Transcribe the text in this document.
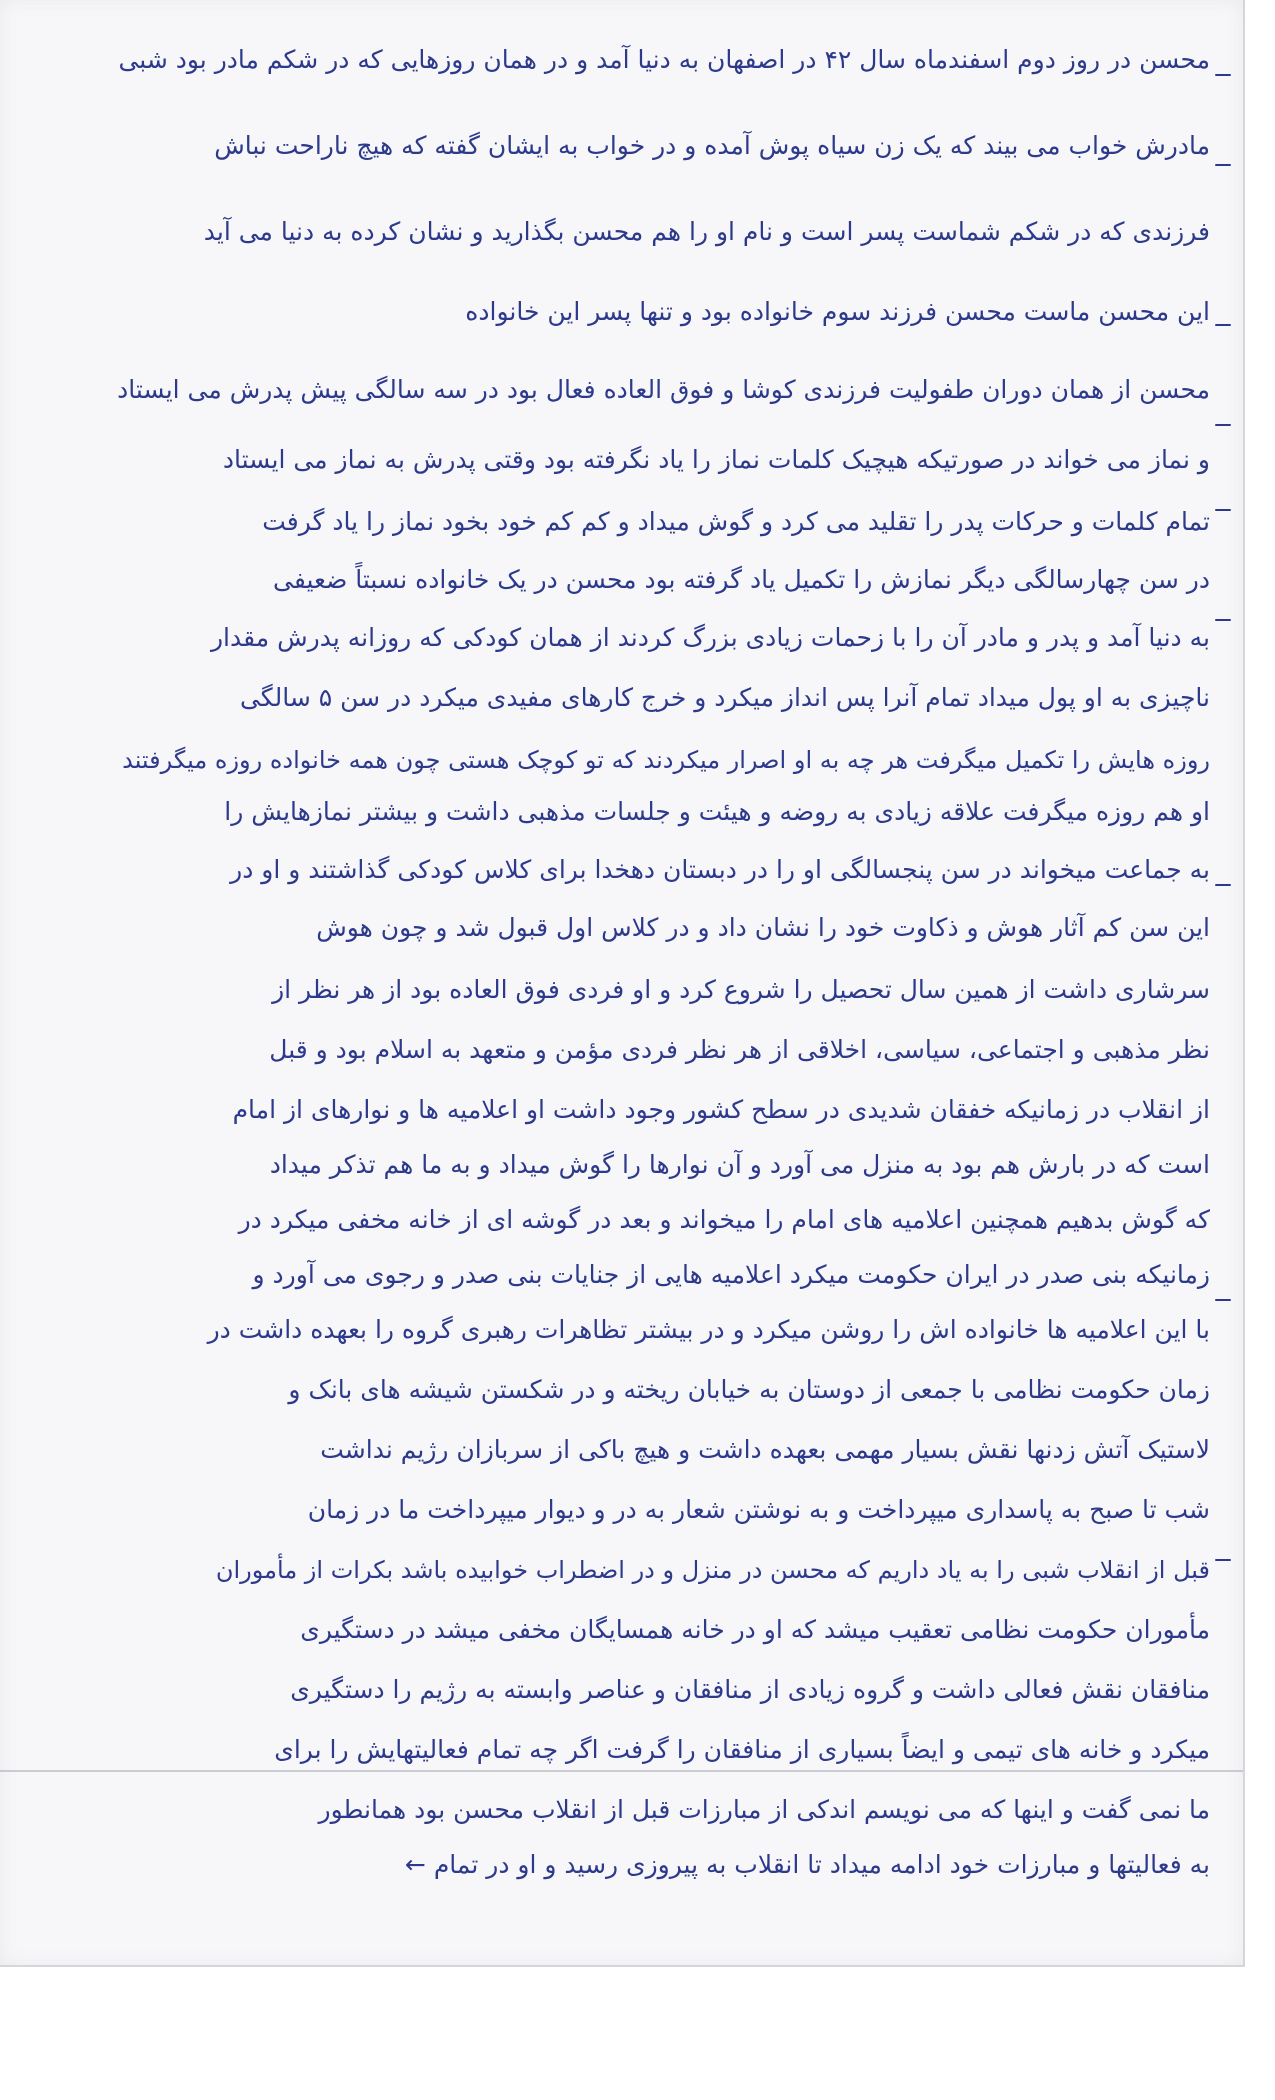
محسن در روز دوم اسفندماه سال ۴۲ در اصفهان به دنیا آمد و در همان روزهایی که در شکم مادر بود شبی
مادرش خواب می بیند که یک زن سیاه پوش آمده و در خواب به ایشان گفته که هیچ ناراحت نباش
فرزندی که در شکم شماست پسر است و نام او را هم محسن بگذارید و نشان کرده به دنیا می آید
این محسن ماست محسن فرزند سوم خانواده بود و تنها پسر این خانواده
محسن از همان دوران طفولیت فرزندی کوشا و فوق العاده فعال بود در سه سالگی پیش پدرش می ایستاد
و نماز می خواند در صورتیکه هیچیک کلمات نماز را یاد نگرفته بود وقتی پدرش به نماز می ایستاد
تمام کلمات و حرکات پدر را تقلید می کرد و گوش میداد و کم کم خود بخود نماز را یاد گرفت
در سن چهارسالگی دیگر نمازش را تکمیل یاد گرفته بود محسن در یک خانواده نسبتاً ضعیفی
به دنیا آمد و پدر و مادر آن را با زحمات زیادی بزرگ کردند از همان کودکی که روزانه پدرش مقدار
ناچیزی به او پول میداد تمام آنرا پس انداز میکرد و خرج کارهای مفیدی میکرد در سن ۵ سالگی
روزه هایش را تکمیل میگرفت هر چه به او اصرار میکردند که تو کوچک هستی چون همه خانواده روزه میگرفتند
او هم روزه میگرفت علاقه زیادی به روضه و هیئت و جلسات مذهبی داشت و بیشتر نمازهایش را
به جماعت میخواند در سن پنجسالگی او را در دبستان دهخدا برای کلاس کودکی گذاشتند و او در
این سن کم آثار هوش و ذکاوت خود را نشان داد و در کلاس اول قبول شد و چون هوش
سرشاری داشت از همین سال تحصیل را شروع کرد و او فردی فوق العاده بود از هر نظر از
نظر مذهبی و اجتماعی، سیاسی، اخلاقی از هر نظر فردی مؤمن و متعهد به اسلام بود و قبل
از انقلاب در زمانیکه خفقان شدیدی در سطح کشور وجود داشت او اعلامیه ها و نوارهای از امام
است که در بارش هم بود به منزل می آورد و آن نوارها را گوش میداد و به ما هم تذکر میداد
که گوش بدهیم همچنین اعلامیه های امام را میخواند و بعد در گوشه ای از خانه مخفی میکرد در
زمانیکه بنی صدر در ایران حکومت میکرد اعلامیه هایی از جنایات بنی صدر و رجوی می آورد و
با این اعلامیه ها خانواده اش را روشن میکرد و در بیشتر تظاهرات رهبری گروه را بعهده داشت در
زمان حکومت نظامی با جمعی از دوستان به خیابان ریخته و در شکستن شیشه های بانک و
لاستیک آتش زدنها نقش بسیار مهمی بعهده داشت و هیچ باکی از سربازان رژیم نداشت
شب تا صبح به پاسداری میپرداخت و به نوشتن شعار به در و دیوار میپرداخت ما در زمان
قبل از انقلاب شبی را به یاد داریم که محسن در منزل و در اضطراب خوابیده باشد بکرات از مأموران
مأموران حکومت نظامی تعقیب میشد که او در خانه همسایگان مخفی میشد در دستگیری
منافقان نقش فعالی داشت و گروه زیادی از منافقان و عناصر وابسته به رژیم را دستگیری
میکرد و خانه های تیمی و ایضاً بسیاری از منافقان را گرفت اگر چه تمام فعالیتهایش را برای
ما نمی گفت و اینها که می نویسم اندکی از مبارزات قبل از انقلاب محسن بود همانطور
به فعالیتها و مبارزات خود ادامه میداد تا انقلاب به پیروزی رسید و او در تمام ←
